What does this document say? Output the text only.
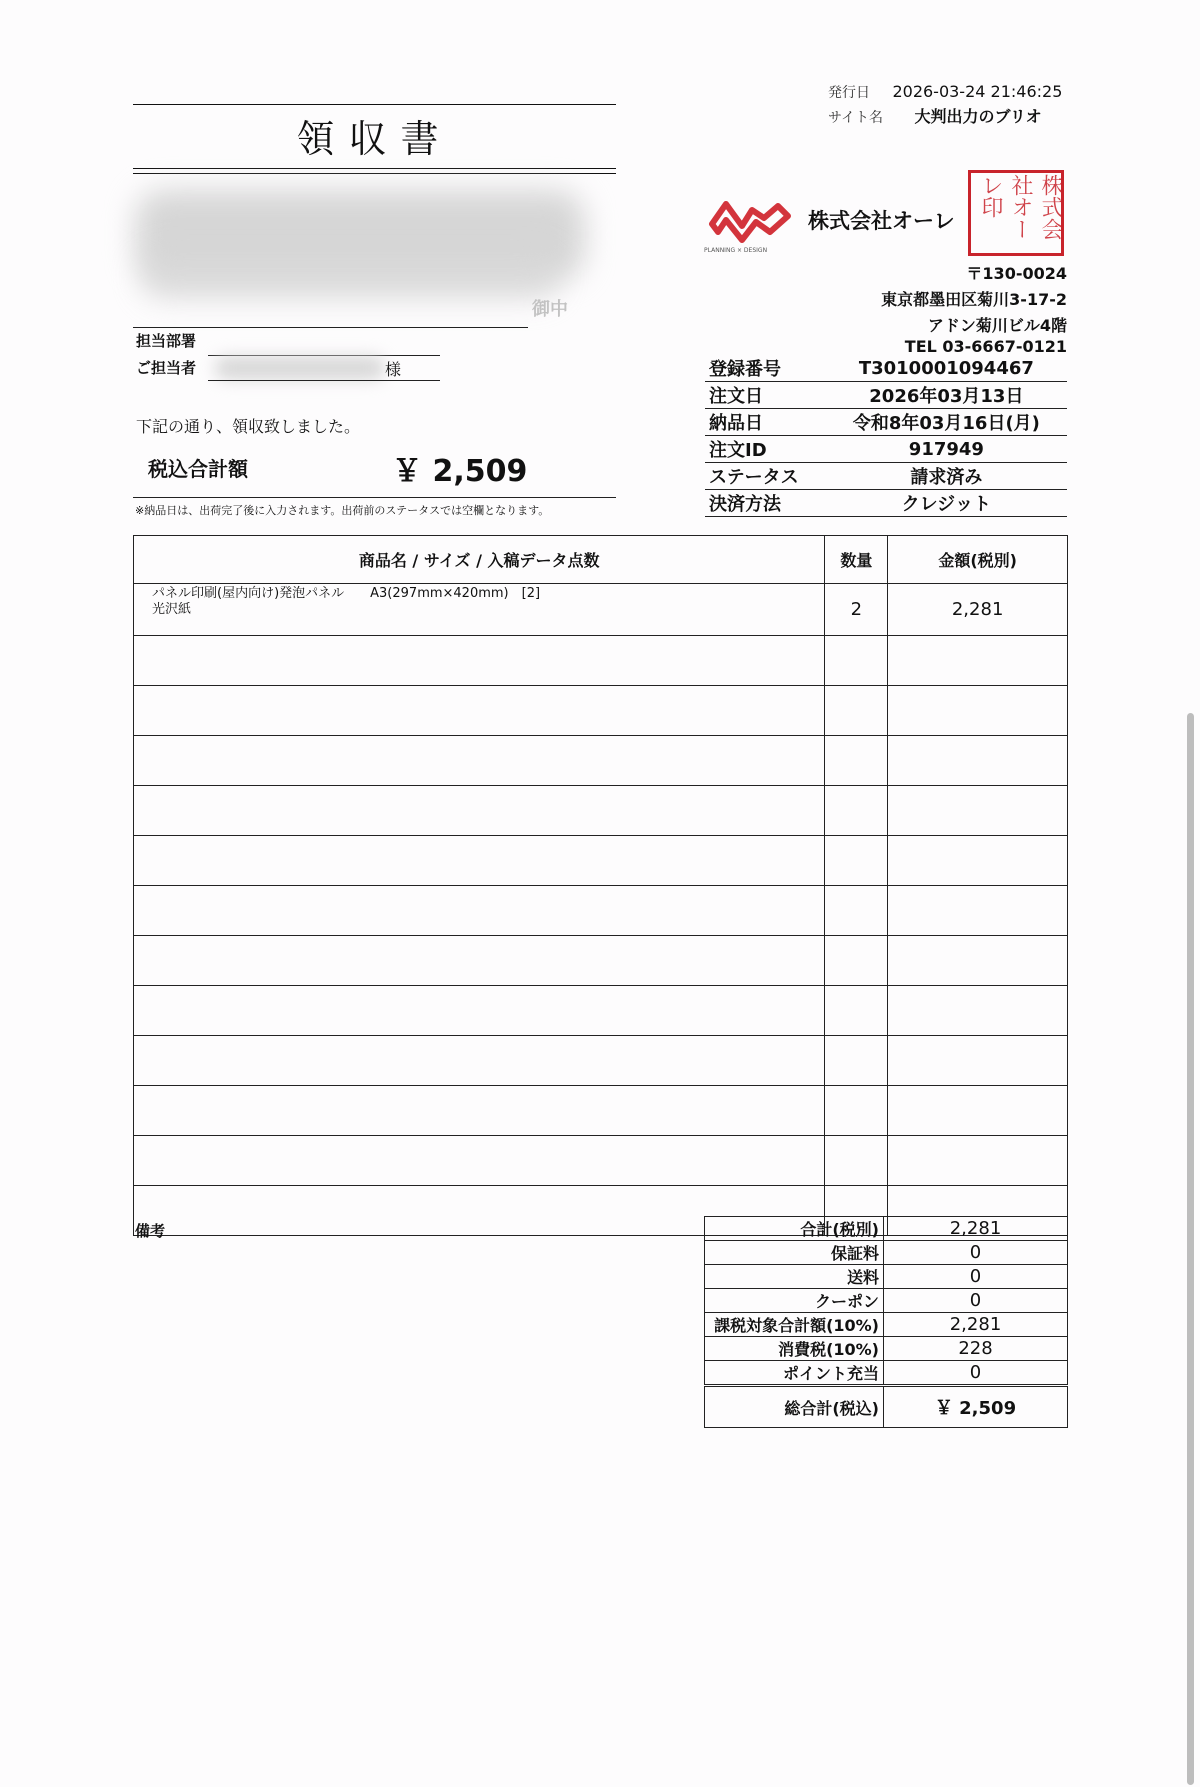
発行日 2026-03-24 21:46:25
サイト名 大判出力のブリオ
領収書
御中
担当部署
ご担当者	様
PLANNING × DESIGN
株式会社オーレ	株式会社オーレ印
〒130-0024
東京都墨田区菊川3-17-2
アドン菊川ビル4階
TEL 03-6667-0121
下記の通り、領収致しました。
税込合計額	￥ 2,509
※納品日は、出荷完了後に入力されます。出荷前のステータスでは空欄となります。
登録番号	T3010001094467
注文日	2026年03月13日
納品日	令和8年03月16日(月)
注文ID	917949
ステータス	請求済み
決済方法	クレジット
商品名 / サイズ / 入稿データ点数	数量	金額(税別)

パネル印刷(屋内向け)発泡パネル　　A3(297mm×420mm)　[2]
光沢紙	2	2,281

備考	合計(税別)	2,281
保証料	0
送料	0
クーポン	0
課税対象合計額(10%)	2,281
消費税(10%)	228
ポイント充当	0
総合計(税込)	￥ 2,509
